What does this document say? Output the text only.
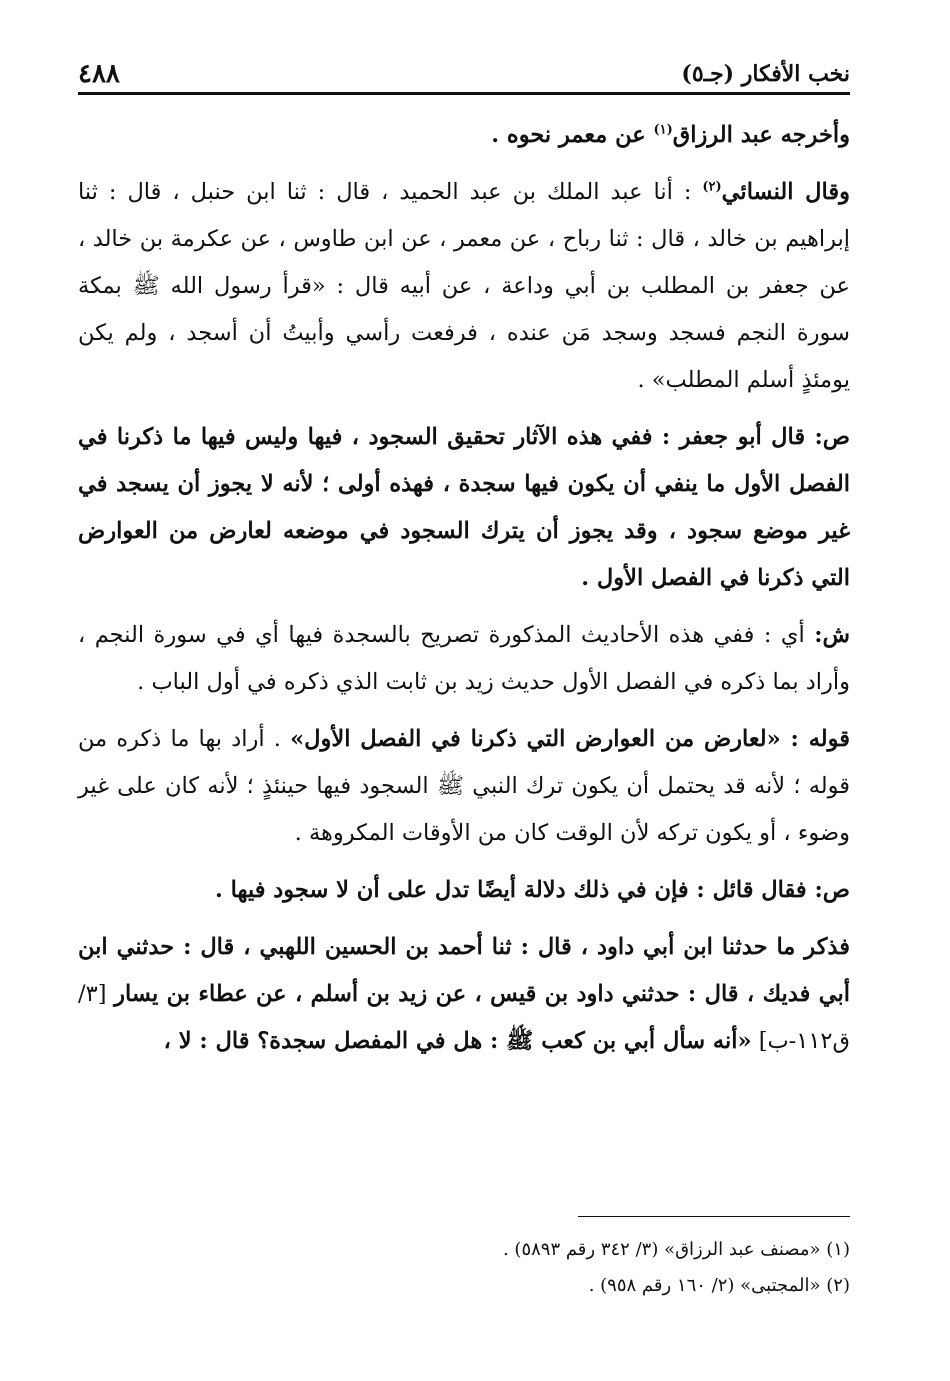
نخب الأفكار (جـ٥)
٤٨٨

وأخرجه عبد الرزاق$^{(١)}$ عن معمر نحوه .

وقال النسائي$^{(٢)}$ : أنا عبد الملك بن عبد الحميد ، قال : ثنا ابن حنبل ، قال : ثنا إبراهيم بن خالد ، قال : ثنا رباح ، عن معمر ، عن ابن طاوس ، عن عكرمة بن خالد ، عن جعفر بن المطلب بن أبي وداعة ، عن أبيه قال : «قرأ رسول الله ﷺ بمكة سورة النجم فسجد وسجد مَن عنده ، فرفعت رأسي وأبيتُ أن أسجد ، ولم يكن يومئذٍ أسلم المطلب» .

ص: قال أبو جعفر : ففي هذه الآثار تحقيق السجود ، فيها وليس فيها ما ذكرنا في الفصل الأول ما ينفي أن يكون فيها سجدة ، فهذه أولى ؛ لأنه لا يجوز أن يسجد في غير موضع سجود ، وقد يجوز أن يترك السجود في موضعه لعارض من العوارض التي ذكرنا في الفصل الأول .

ش: أي : ففي هذه الأحاديث المذكورة تصريح بالسجدة فيها أي في سورة النجم ، وأراد بما ذكره في الفصل الأول حديث زيد بن ثابت الذي ذكره في أول الباب .

قوله : «لعارض من العوارض التي ذكرنا في الفصل الأول» . أراد بها ما ذكره من قوله ؛ لأنه قد يحتمل أن يكون ترك النبي ﷺ السجود فيها حينئذٍ ؛ لأنه كان على غير وضوء ، أو يكون تركه لأن الوقت كان من الأوقات المكروهة .

ص: فقال قائل : فإن في ذلك دلالة أيضًا تدل على أن لا سجود فيها .

فذكر ما حدثنا ابن أبي داود ، قال : ثنا أحمد بن الحسين اللهبي ، قال : حدثني ابن أبي فديك ، قال : حدثني داود بن قيس ، عن زيد بن أسلم ، عن عطاء بن يسار [٣/ ق١١٢-ب] «أنه سأل أبي بن كعب ﷺ : هل في المفصل سجدة؟ قال : لا ،

(١) «مصنف عبد الرزاق» (٣/ ٣٤٢ رقم ٥٨٩٣) .
(٢) «المجتبى» (٢/ ١٦٠ رقم ٩٥٨) .
